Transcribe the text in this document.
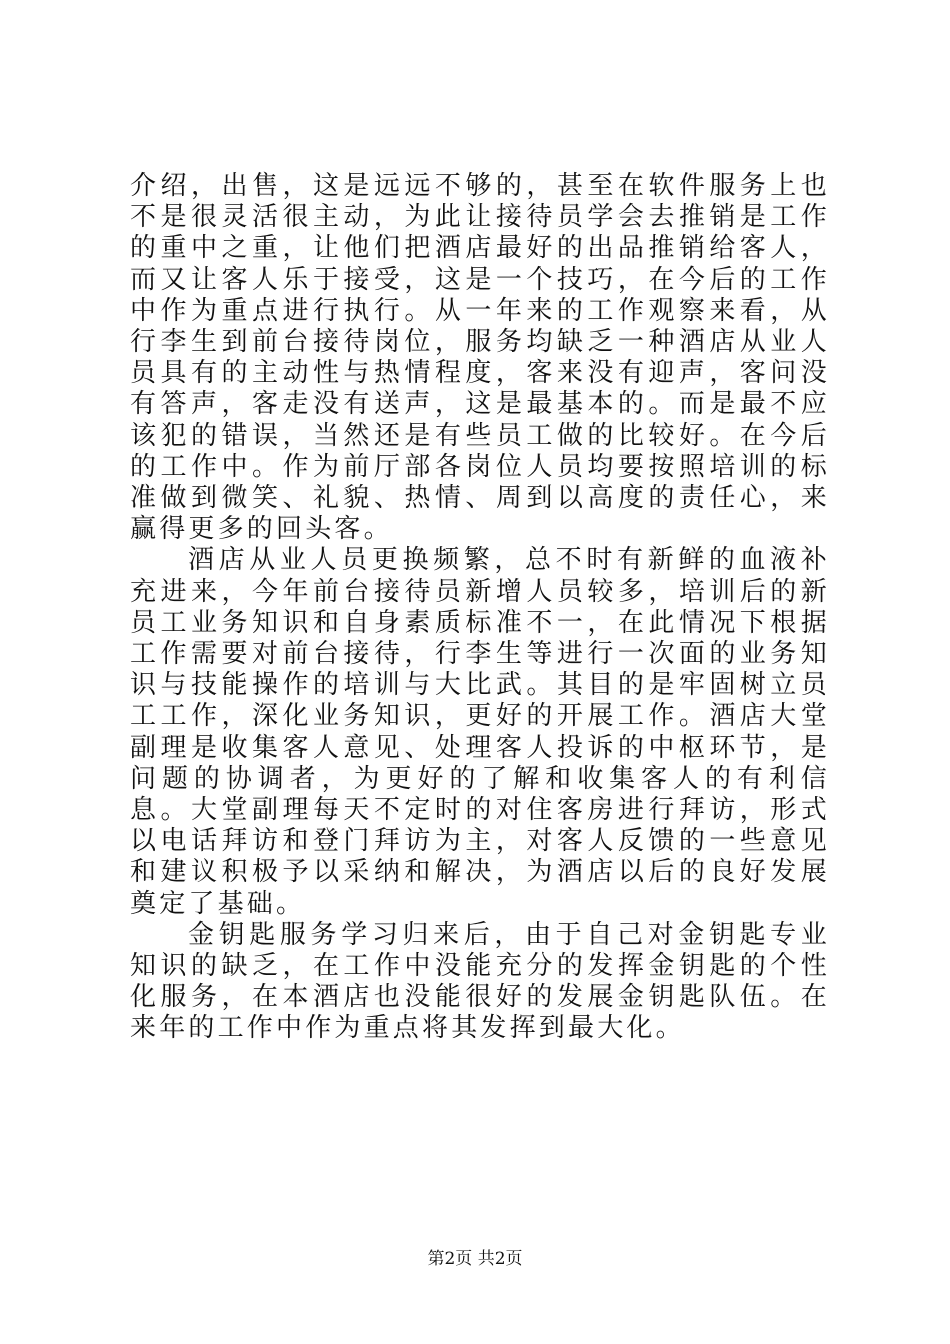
介绍，出售，这是远远不够的，甚至在软件服务上也不是很灵活很主动，为此让接待员学会去推销是工作的重中之重，让他们把酒店最好的出品推销给客人，而又让客人乐于接受，这是一个技巧，在今后的工作中作为重点进行执行。从一年来的工作观察来看，从行李生到前台接待岗位，服务均缺乏一种酒店从业人员具有的主动性与热情程度，客来没有迎声，客问没有答声，客走没有送声，这是最基本的。而是最不应该犯的错误，当然还是有些员工做的比较好。在今后的工作中。作为前厅部各岗位人员均要按照培训的标准做到微笑、礼貌、热情、周到以高度的责任心，来赢得更多的回头客。

酒店从业人员更换频繁，总不时有新鲜的血液补充进来，今年前台接待员新增人员较多，培训后的新员工业务知识和自身素质标准不一，在此情况下根据工作需要对前台接待，行李生等进行一次面的业务知识与技能操作的培训与大比武。其目的是牢固树立员工工作，深化业务知识，更好的开展工作。酒店大堂副理是收集客人意见、处理客人投诉的中枢环节，是问题的协调者，为更好的了解和收集客人的有利信息。大堂副理每天不定时的对住客房进行拜访，形式以电话拜访和登门拜访为主，对客人反馈的一些意见和建议积极予以采纳和解决，为酒店以后的良好发展奠定了基础。

金钥匙服务学习归来后，由于自己对金钥匙专业知识的缺乏，在工作中没能充分的发挥金钥匙的个性化服务，在本酒店也没能很好的发展金钥匙队伍。在来年的工作中作为重点将其发挥到最大化。

第2页 共2页
